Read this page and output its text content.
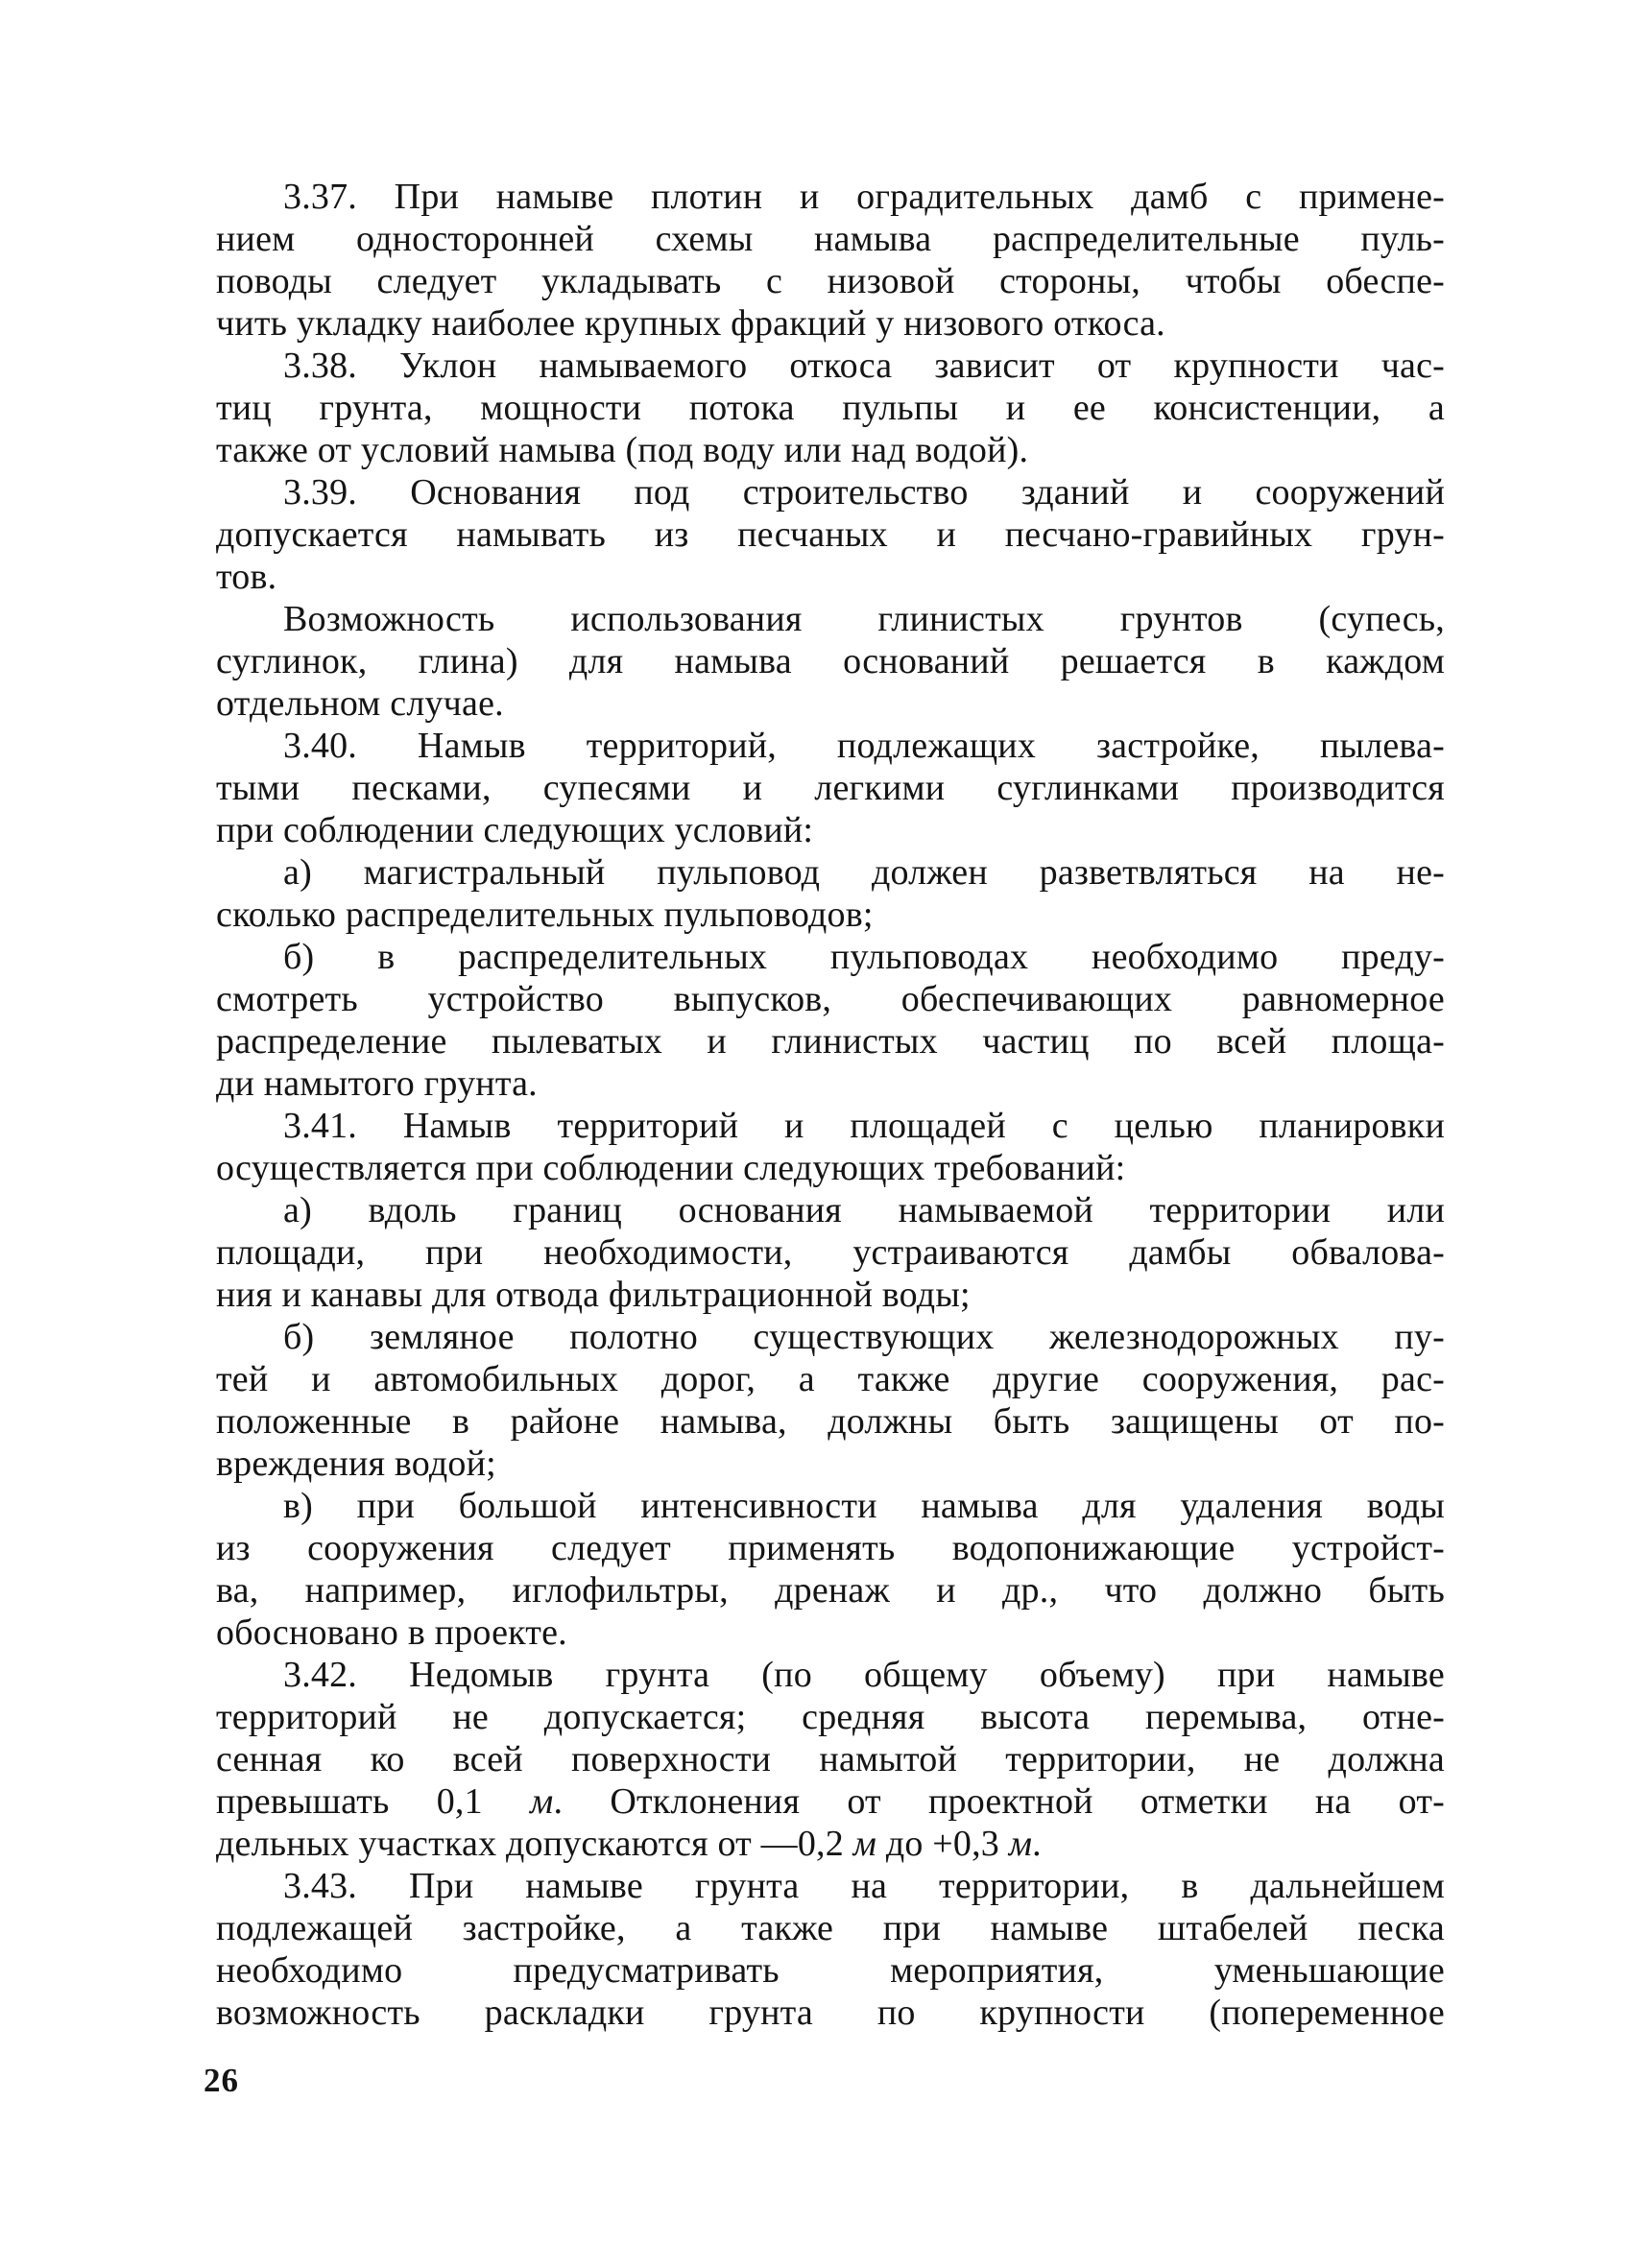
3.37. При намыве плотин и оградительных дамб с примене-
нием односторонней схемы намыва распределительные пуль-
поводы следует укладывать с низовой стороны, чтобы обеспе-
чить укладку наиболее крупных фракций у низового откоса.
3.38. Уклон намываемого откоса зависит от крупности час-
тиц грунта, мощности потока пульпы и ее консистенции, а
также от условий намыва (под воду или над водой).
3.39. Основания под строительство зданий и сооружений
допускается намывать из песчаных и песчано-гравийных грун-
тов.
Возможность использования глинистых грунтов (супесь,
суглинок, глина) для намыва оснований решается в каждом
отдельном случае.
3.40. Намыв территорий, подлежащих застройке, пылева-
тыми песками, супесями и легкими суглинками производится
при соблюдении следующих условий:
а) магистральный пульповод должен разветвляться на не-
сколько распределительных пульповодов;
б) в распределительных пульповодах необходимо преду-
смотреть устройство выпусков, обеспечивающих равномерное
распределение пылеватых и глинистых частиц по всей площа-
ди намытого грунта.
3.41. Намыв территорий и площадей с целью планировки
осуществляется при соблюдении следующих требований:
а) вдоль границ основания намываемой территории или
площади, при необходимости, устраиваются дамбы обвалова-
ния и канавы для отвода фильтрационной воды;
б) земляное полотно существующих железнодорожных пу-
тей и автомобильных дорог, а также другие сооружения, рас-
положенные в районе намыва, должны быть защищены от по-
вреждения водой;
в) при большой интенсивности намыва для удаления воды
из сооружения следует применять водопонижающие устройст-
ва, например, иглофильтры, дренаж и др., что должно быть
обосновано в проекте.
3.42. Недомыв грунта (по общему объему) при намыве
территорий не допускается; средняя высота перемыва, отне-
сенная ко всей поверхности намытой территории, не должна
превышать 0,1 м. Отклонения от проектной отметки на от-
дельных участках допускаются от —0,2 м до +0,3 м.
3.43. При намыве грунта на территории, в дальнейшем
подлежащей застройке, а также при намыве штабелей песка
необходимо предусматривать мероприятия, уменьшающие
возможность раскладки грунта по крупности (попеременное
26
